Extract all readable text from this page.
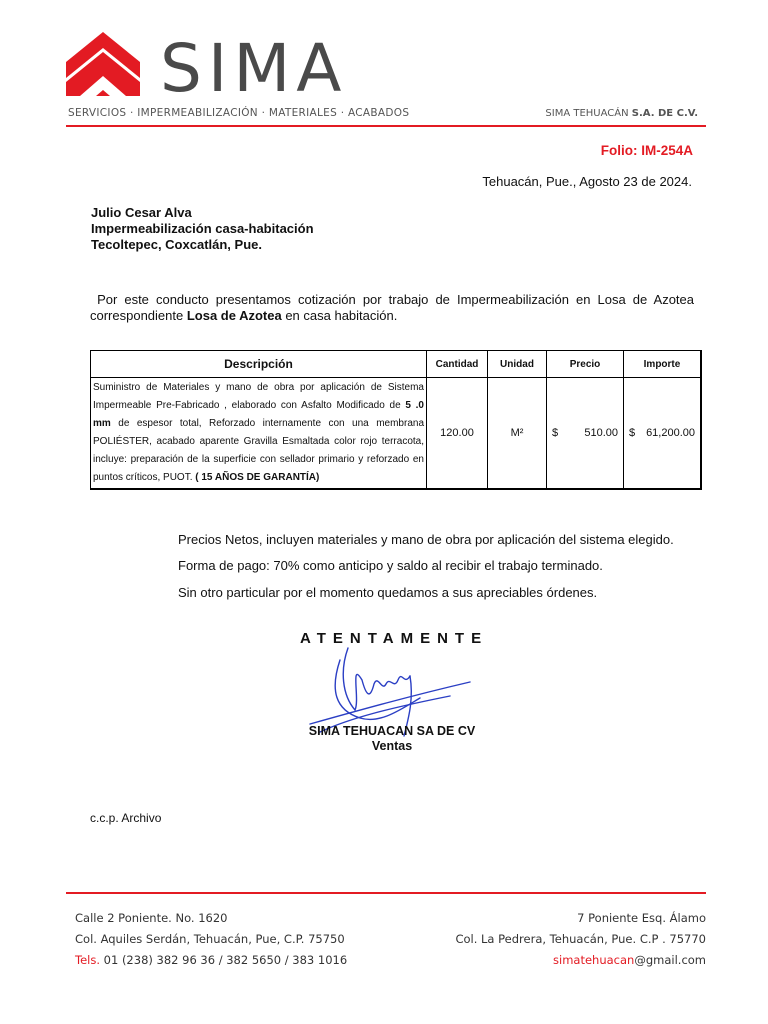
SIMA
SERVICIOS · IMPERMEABILIZACIÓN · MATERIALES · ACABADOS	SIMA TEHUACÁN S.A. DE C.V.
Folio: IM-254A
Tehuacán, Pue., Agosto 23 de 2024.
Julio Cesar Alva
Impermeabilización casa-habitación
Tecoltepec, Coxcatlán, Pue.
Por este conducto presentamos cotización por trabajo de Impermeabilización en Losa de Azotea correspondiente Losa de Azotea en casa habitación.
Descripción	Cantidad	Unidad	Precio	Importe
Suministro de Materiales y mano de obra por aplicación de Sistema Impermeable Pre-Fabricado , elaborado con Asfalto Modificado de 5 .0 mm de espesor total, Reforzado internamente con una membrana POLIÉSTER, acabado aparente Gravilla Esmaltada color rojo terracota, incluye: preparación de la superficie con sellador primario y reforzado en puntos críticos, PUOT. ( 15 AÑOS DE GARANTÍA)	120.00	M²	$ 510.00	$ 61,200.00
Precios Netos, incluyen materiales y mano de obra por aplicación del sistema elegido.
Forma de pago: 70% como anticipo y saldo al recibir el trabajo terminado.
Sin otro particular por el momento quedamos a sus apreciables órdenes.
ATENTAMENTE
SIMA TEHUACAN SA DE CV
Ventas
c.c.p. Archivo
Calle 2 Poniente. No. 1620
Col. Aquiles Serdán, Tehuacán, Pue, C.P. 75750
Tels. 01 (238) 382 96 36 / 382 5650 / 383 1016
7 Poniente Esq. Álamo
Col. La Pedrera, Tehuacán, Pue. C.P . 75770
simatehuacan@gmail.com
